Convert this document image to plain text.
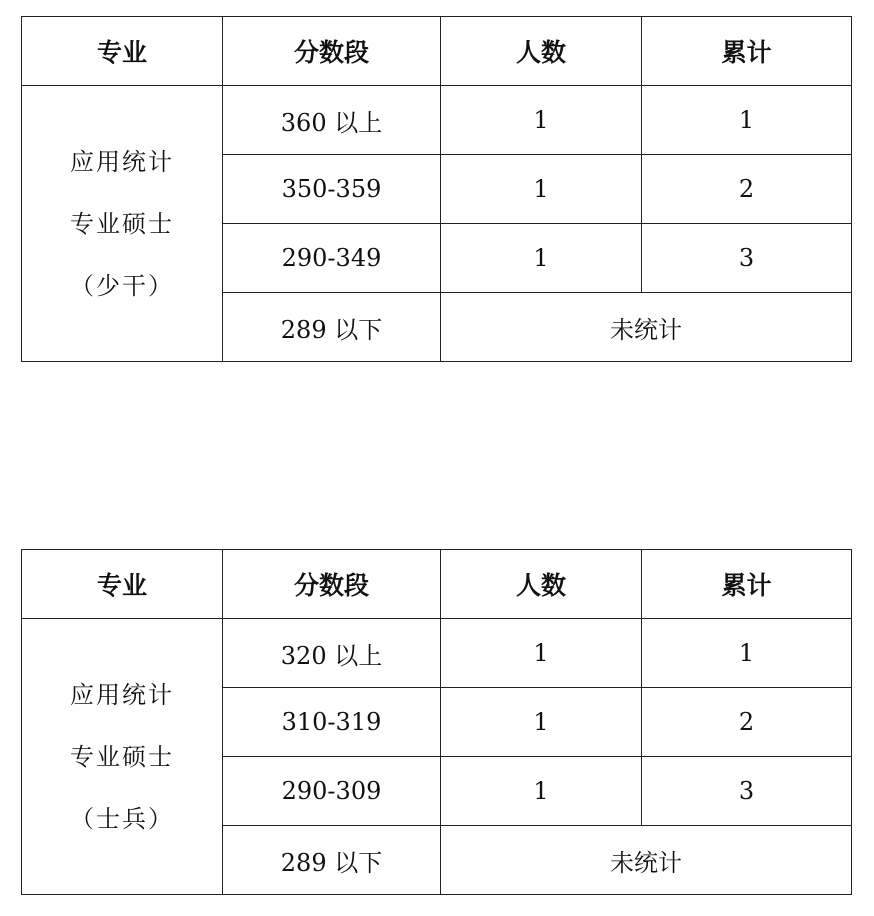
专业	分数段	人数	累计

应用统计
专业硕士
（少干）	360 以上	1	1
	350-359	1	2
	290-349	1	3
	289 以下	未统计	
专业	分数段	人数	累计

应用统计
专业硕士
（士兵）	320 以上	1	1
	310-319	1	2
	290-309	1	3
	289 以下	未统计	
